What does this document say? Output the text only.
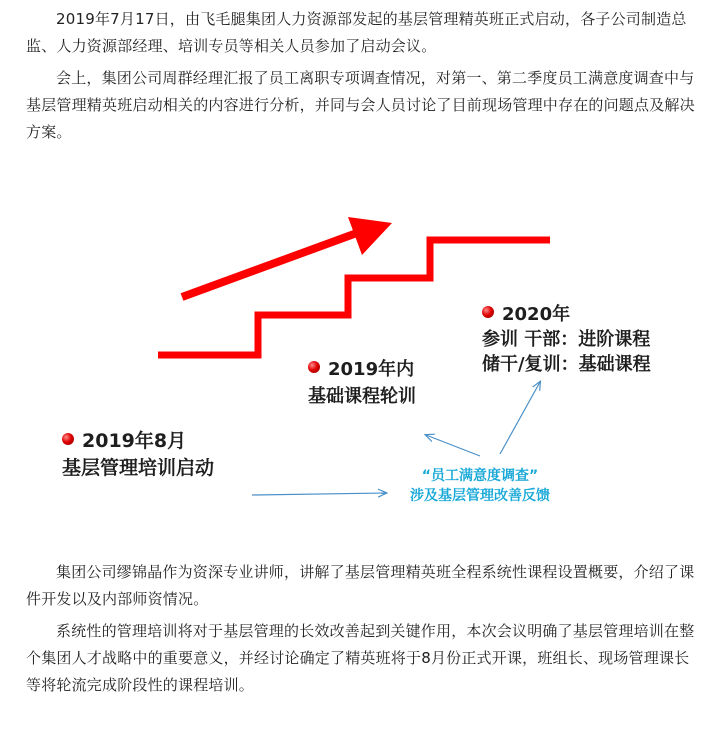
2019年7月17日，由飞毛腿集团人力资源部发起的基层管理精英班正式启动，各子公司制造总监、人力资源部经理、培训专员等相关人员参加了启动会议。

会上，集团公司周群经理汇报了员工离职专项调查情况，对第一、第二季度员工满意度调查中与基层管理精英班启动相关的内容进行分析，并同与会人员讨论了目前现场管理中存在的问题点及解决方案。

2019年8月
基层管理培训启动
2019年内
基础课程轮训
2020年
参训 干部：进阶课程
储干/复训：基础课程
“员工满意度调查”
涉及基层管理改善反馈

集团公司缪锦晶作为资深专业讲师，讲解了基层管理精英班全程系统性课程设置概要，介绍了课件开发以及内部师资情况。

系统性的管理培训将对于基层管理的长效改善起到关键作用，本次会议明确了基层管理培训在整个集团人才战略中的重要意义，并经讨论确定了精英班将于8月份正式开课，班组长、现场管理课长等将轮流完成阶段性的课程培训。
